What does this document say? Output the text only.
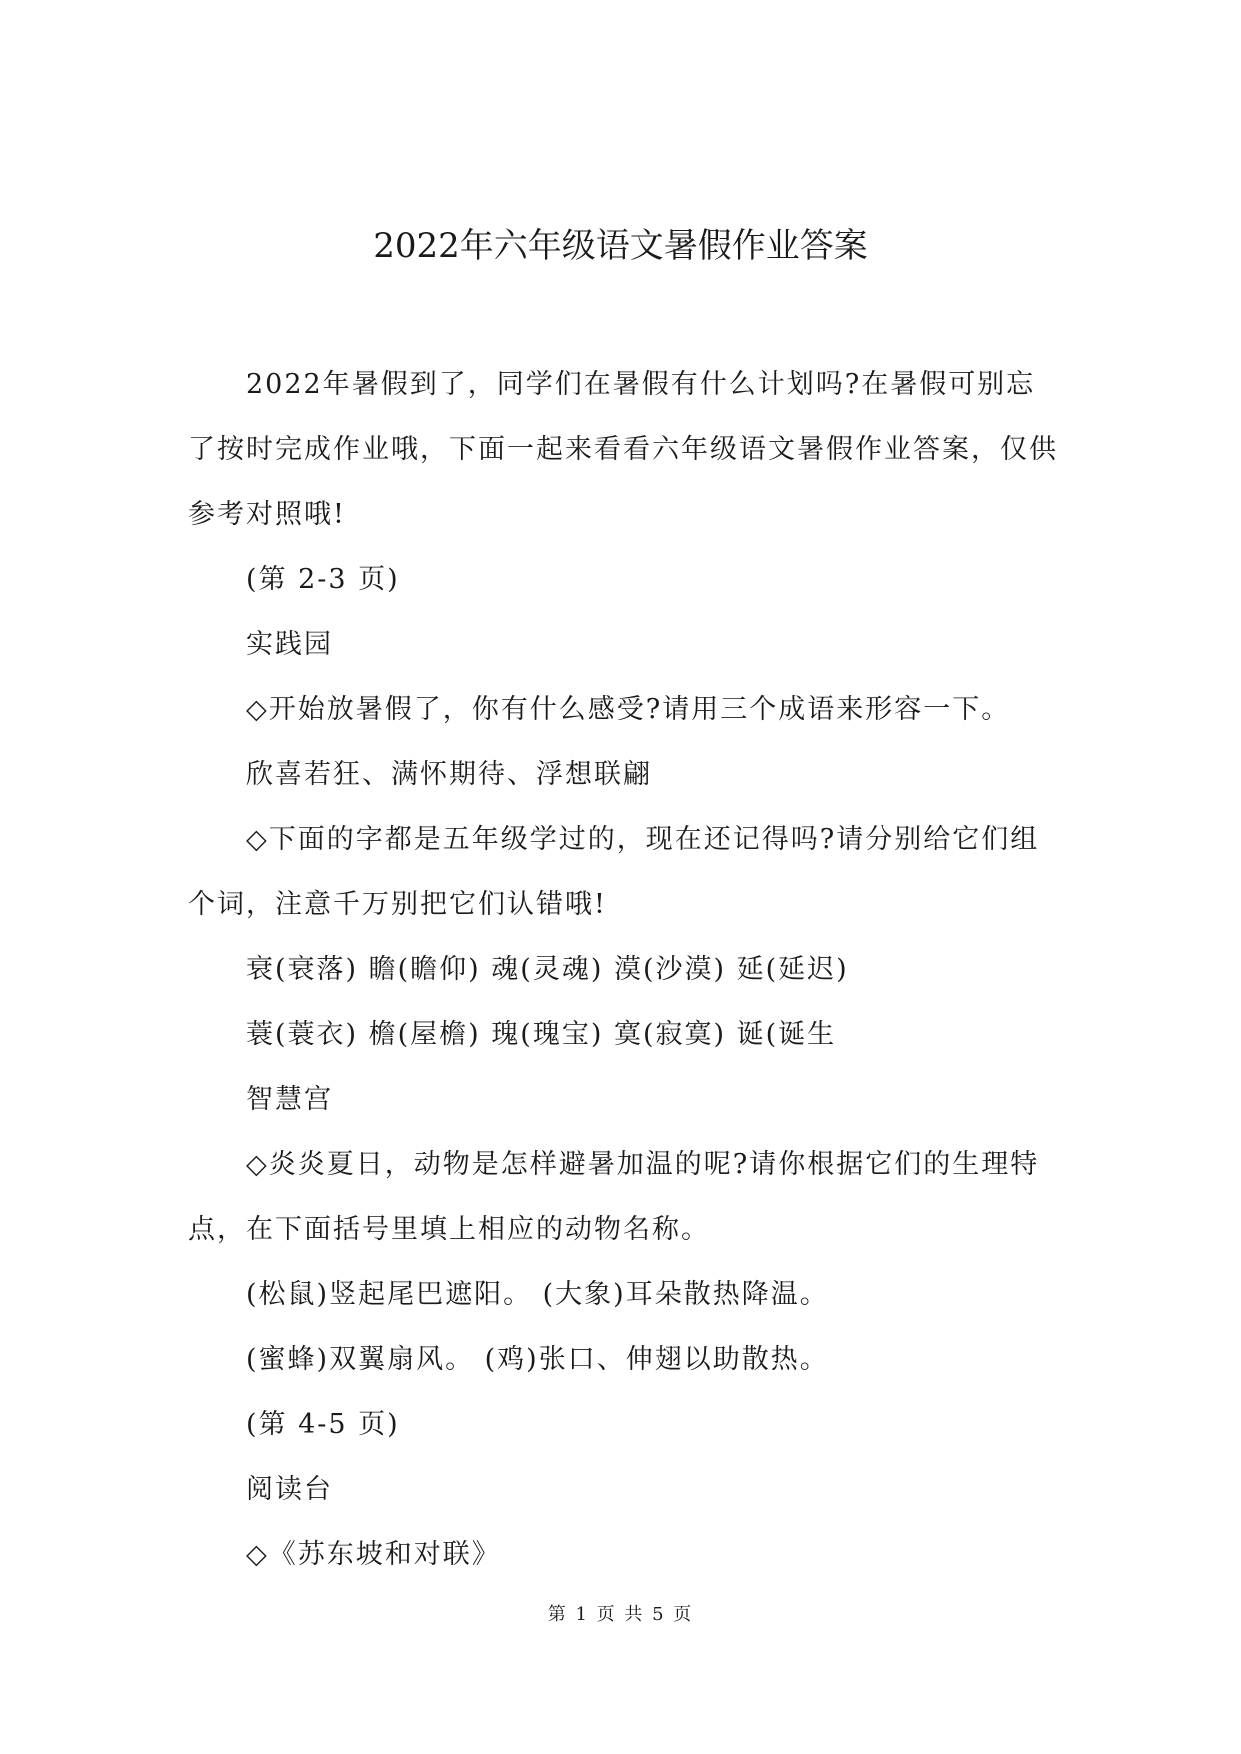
2022年六年级语文暑假作业答案

2022年暑假到了，同学们在暑假有什么计划吗?在暑假可别忘了按时完成作业哦，下面一起来看看六年级语文暑假作业答案，仅供参考对照哦!

(第 2-3 页)

实践园

◇开始放暑假了，你有什么感受?请用三个成语来形容一下。

欣喜若狂、满怀期待、浮想联翩

◇下面的字都是五年级学过的，现在还记得吗?请分别给它们组个词，注意千万别把它们认错哦!

衰(衰落) 瞻(瞻仰) 魂(灵魂) 漠(沙漠) 延(延迟)

蓑(蓑衣) 檐(屋檐) 瑰(瑰宝) 寞(寂寞) 诞(诞生

智慧宫

◇炎炎夏日，动物是怎样避暑加温的呢?请你根据它们的生理特点，在下面括号里填上相应的动物名称。

(松鼠)竖起尾巴遮阳。 (大象)耳朵散热降温。

(蜜蜂)双翼扇风。 (鸡)张口、伸翅以助散热。

(第 4-5 页)

阅读台

◇《苏东坡和对联》

第 1 页 共 5 页
